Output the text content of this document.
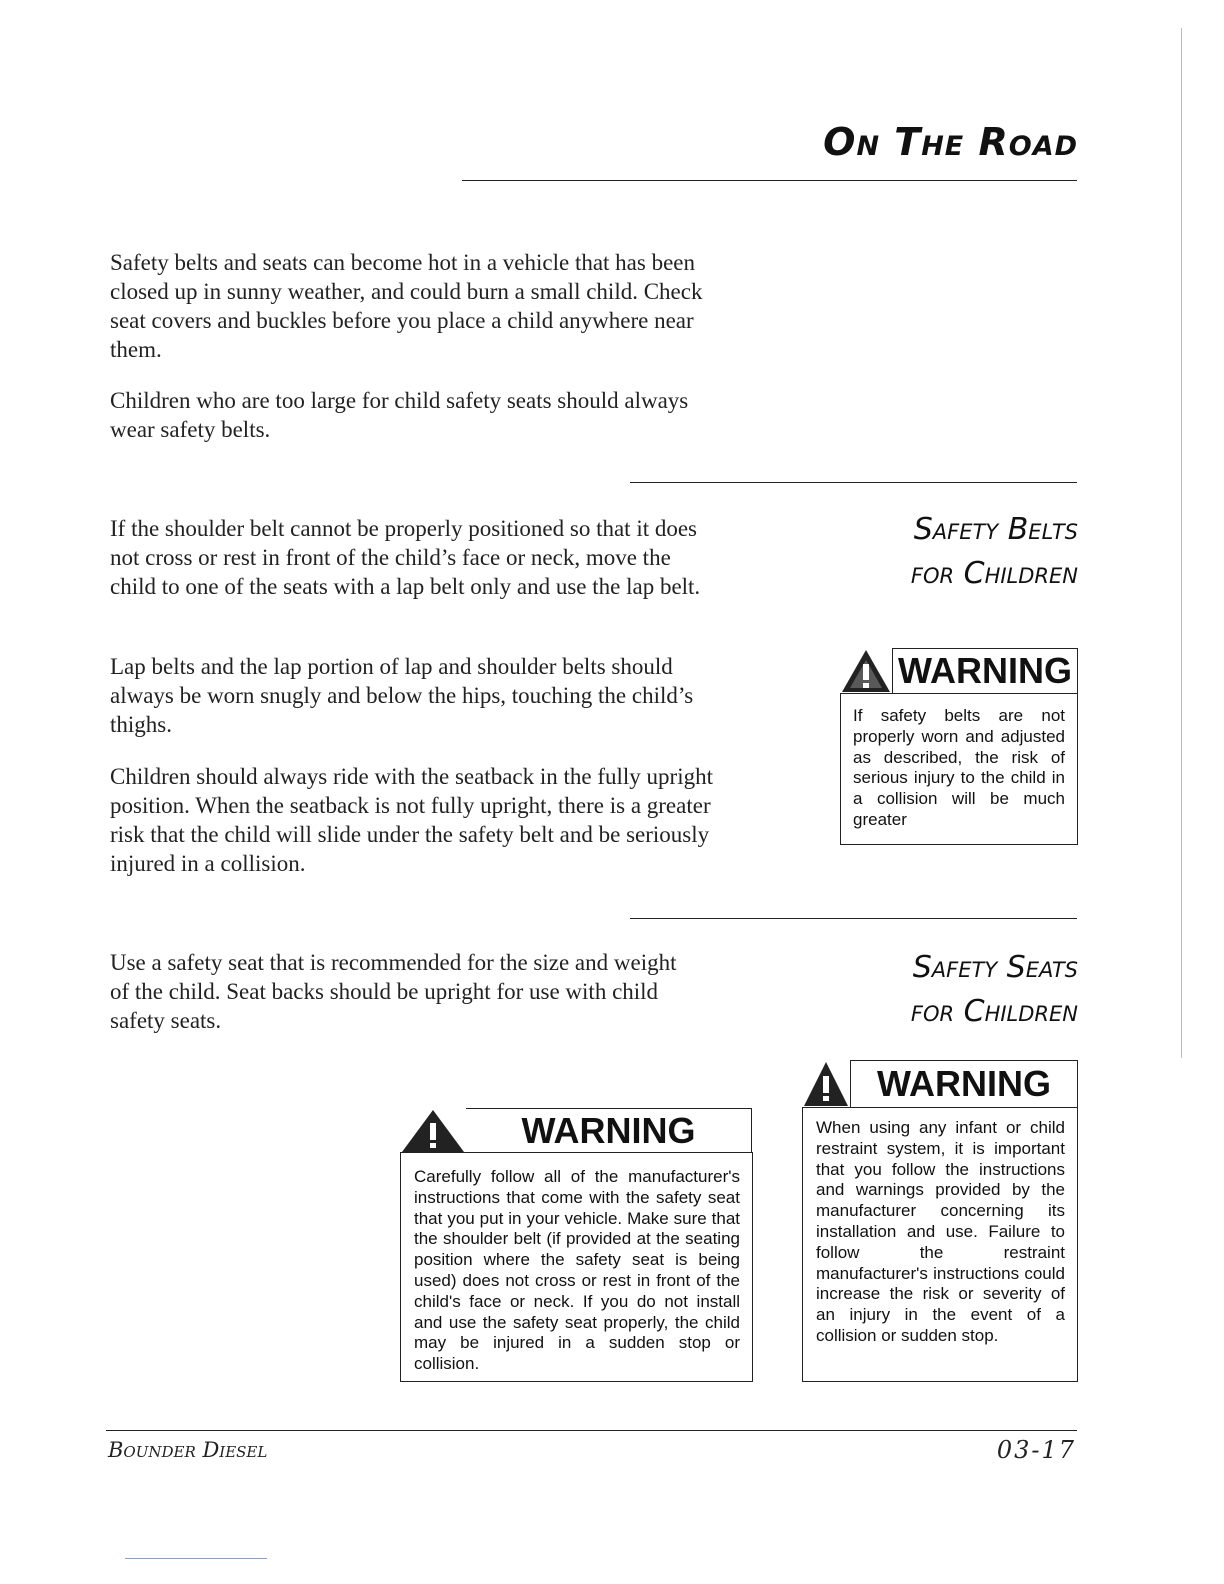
On The Road

Safety belts and seats can become hot in a vehicle that has been closed up in sunny weather, and could burn a small child. Check seat covers and buckles before you place a child anywhere near them.

Children who are too large for child safety seats should always wear safety belts.

Safety Belts
for Children

If the shoulder belt cannot be properly positioned so that it does not cross or rest in front of the child’s face or neck, move the child to one of the seats with a lap belt only and use the lap belt.

Lap belts and the lap portion of lap and shoulder belts should always be worn snugly and below the hips, touching the child’s thighs.

Children should always ride with the seatback in the fully upright position. When the seatback is not fully upright, there is a greater risk that the child will slide under the safety belt and be seriously injured in a collision.

WARNING
If safety belts are not properly worn and adjusted as described, the risk of serious injury to the child in a collision will be much greater
Safety Seats
for Children

Use a safety seat that is recommended for the size and weight of the child. Seat backs should be upright for use with child safety seats.

WARNING
Carefully follow all of the manufacturer's instructions that come with the safety seat that you put in your vehicle. Make sure that the shoulder belt (if provided at the seating position where the safety seat is being used) does not cross or rest in front of the child's face or neck. If you do not install and use the safety seat properly, the child may be injured in a sudden stop or collision.
WARNING
When using any infant or child restraint system, it is important that you follow the instructions and warnings provided by the manufacturer concerning its installation and use. Failure to follow the restraint manufacturer's instructions could increase the risk or severity of an injury in the event of a collision or sudden stop.
Bounder Diesel	03-17
